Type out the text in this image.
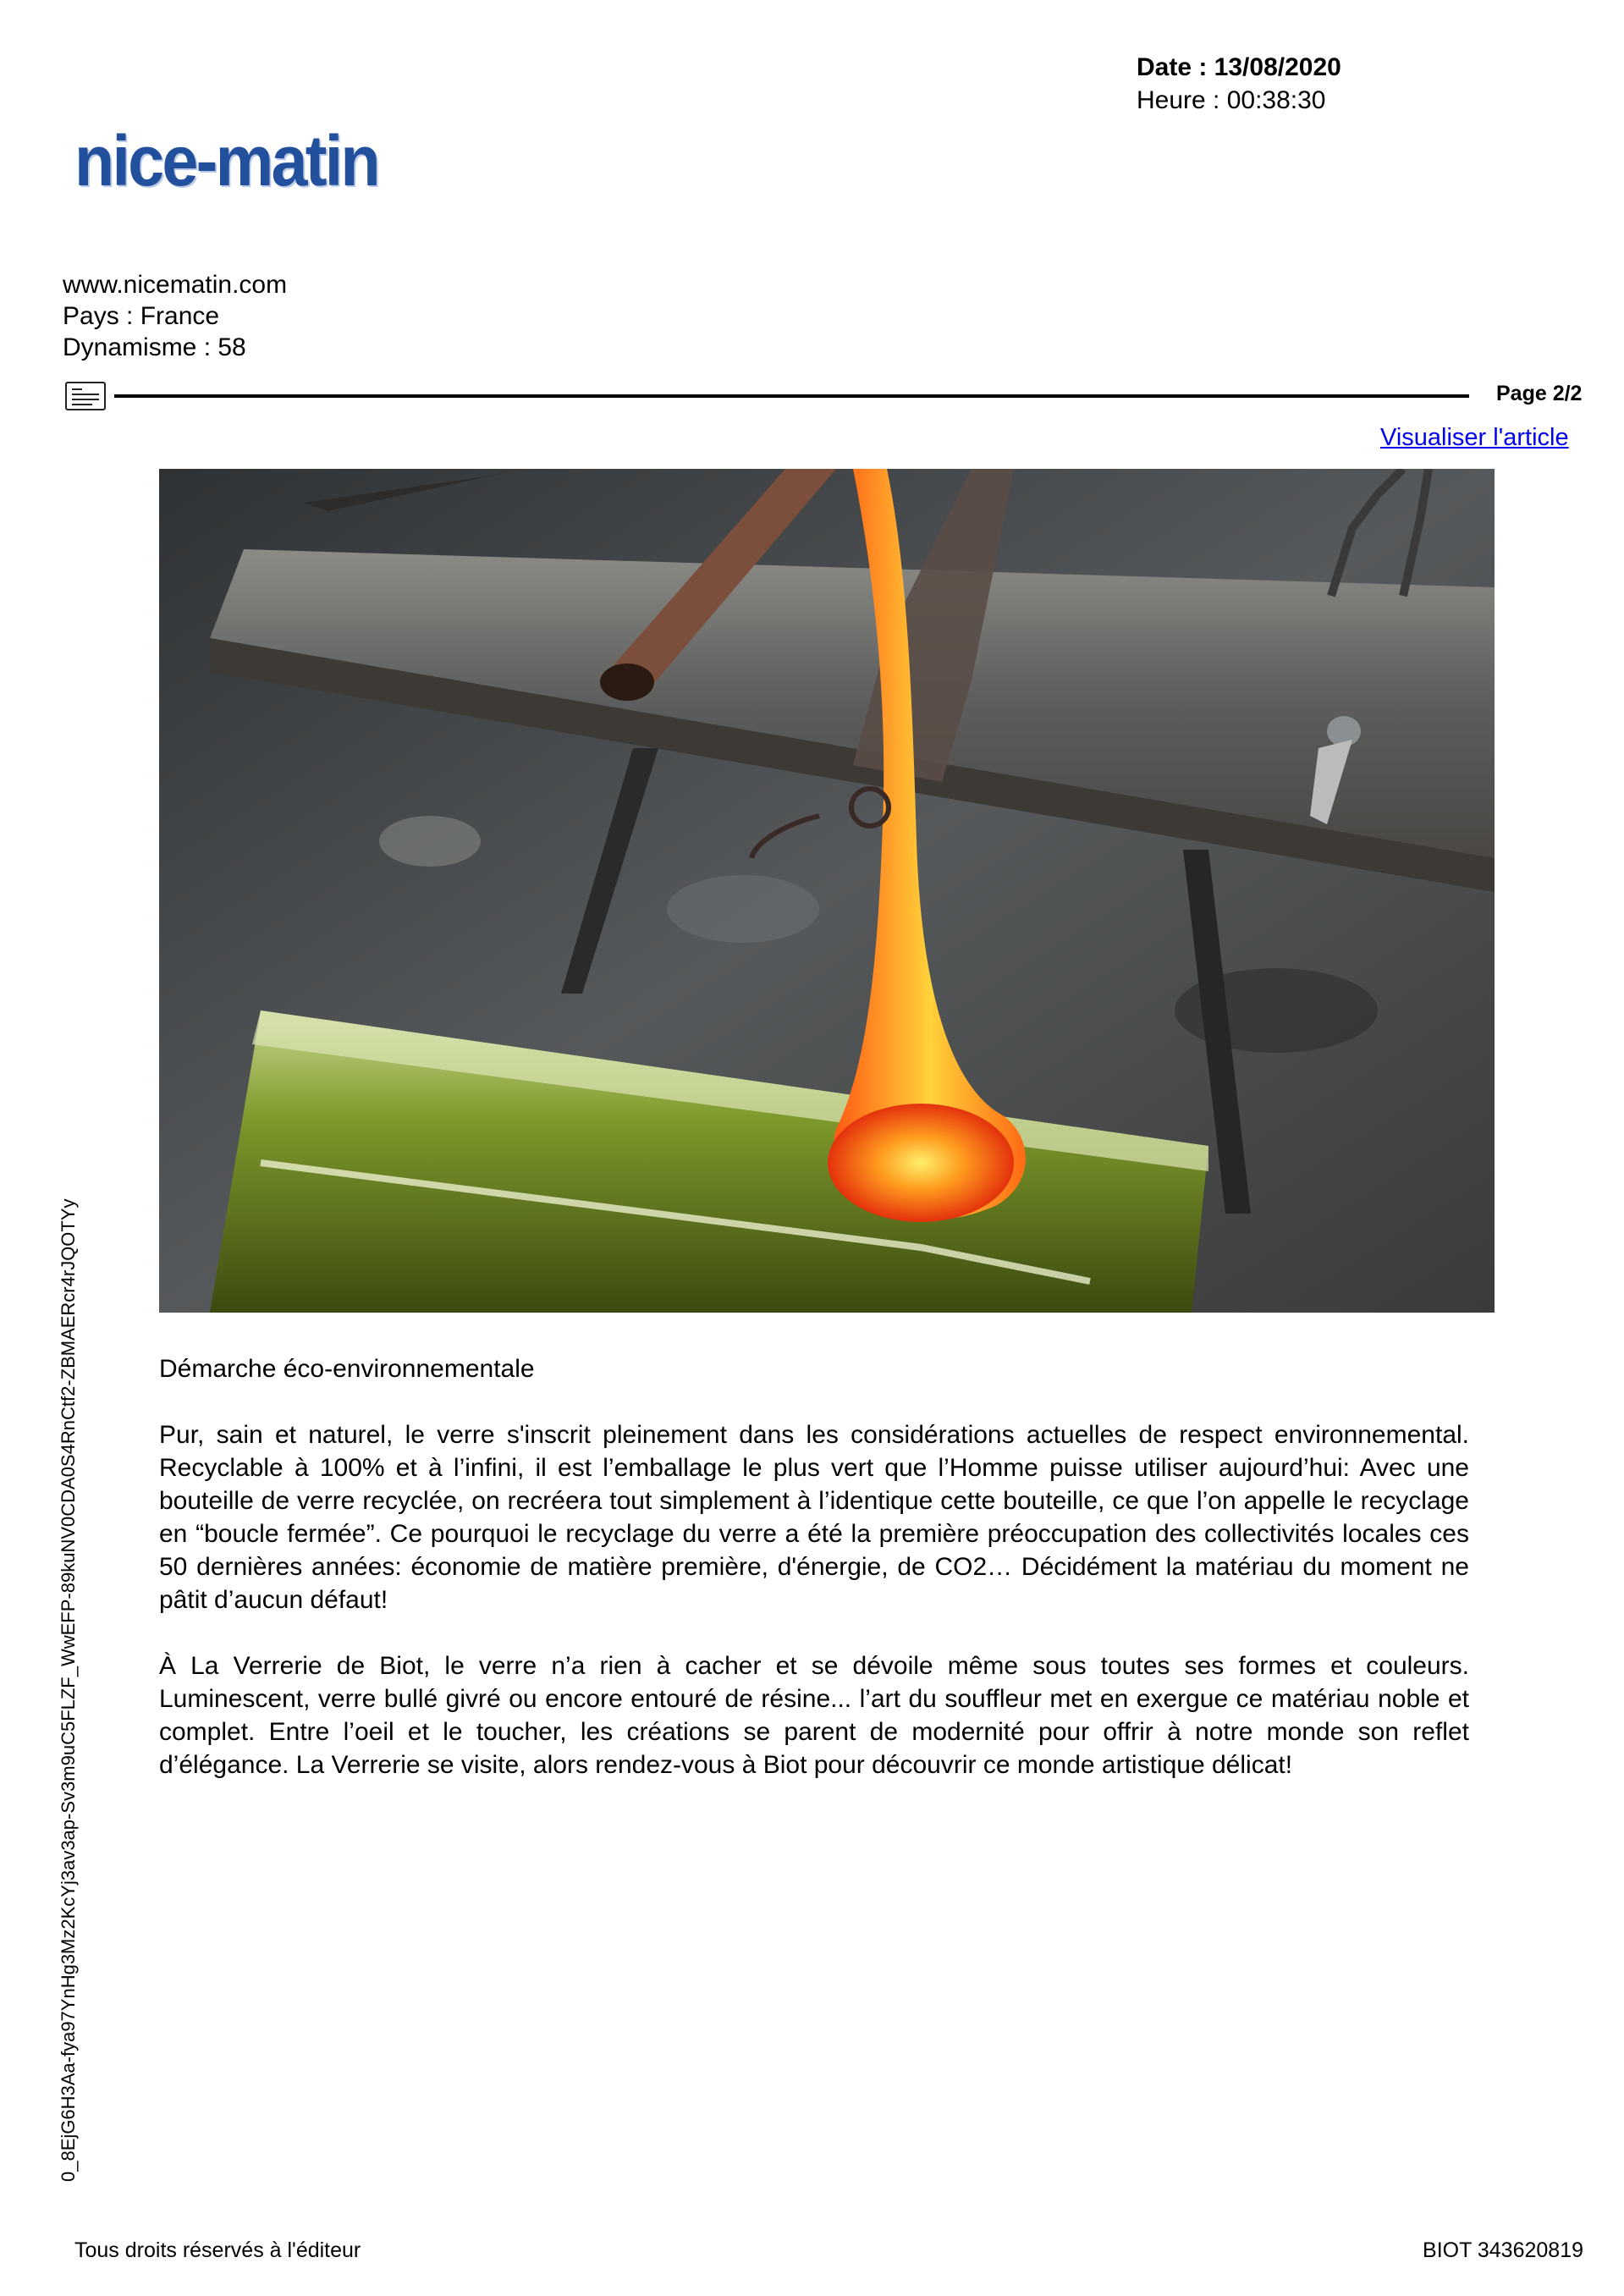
Date : 13/08/2020
Heure : 00:38:30
nice-matin
www.nicematin.com
Pays : France
Dynamisme : 58
Page 2/2
Visualiser l'article

Démarche éco-environnementale

Pur, sain et naturel, le verre s'inscrit pleinement dans les considérations actuelles de respect environnemental. Recyclable à 100% et à l’infini, il est l’emballage le plus vert que l’Homme puisse utiliser aujourd’hui: Avec une bouteille de verre recyclée, on recréera tout simplement à l’identique cette bouteille, ce que l’on appelle le recyclage en “boucle fermée”. Ce pourquoi le recyclage du verre a été la première préoccupation des collectivités locales ces 50 dernières années: économie de matière première, d'énergie, de CO2… Décidément la matériau du moment ne pâtit d’aucun défaut!

À La Verrerie de Biot, le verre n’a rien à cacher et se dévoile même sous toutes ses formes et couleurs. Luminescent, verre bullé givré ou encore entouré de résine... l’art du souffleur met en exergue ce matériau noble et complet. Entre l’oeil et le toucher, les créations se parent de modernité pour offrir à notre monde son reflet d’élégance. La Verrerie se visite, alors rendez-vous à Biot pour découvrir ce monde artistique délicat!

0_8EjG6H3Aa-fya97YnHg3Mz2KcYj3av3ap-Sv3m9uC5FLZF_WwEFP-89kuNV0CDA0S4RnCtf2-ZBMAERcr4rJQOTYy
Tous droits réservés à l'éditeur	BIOT 343620819
